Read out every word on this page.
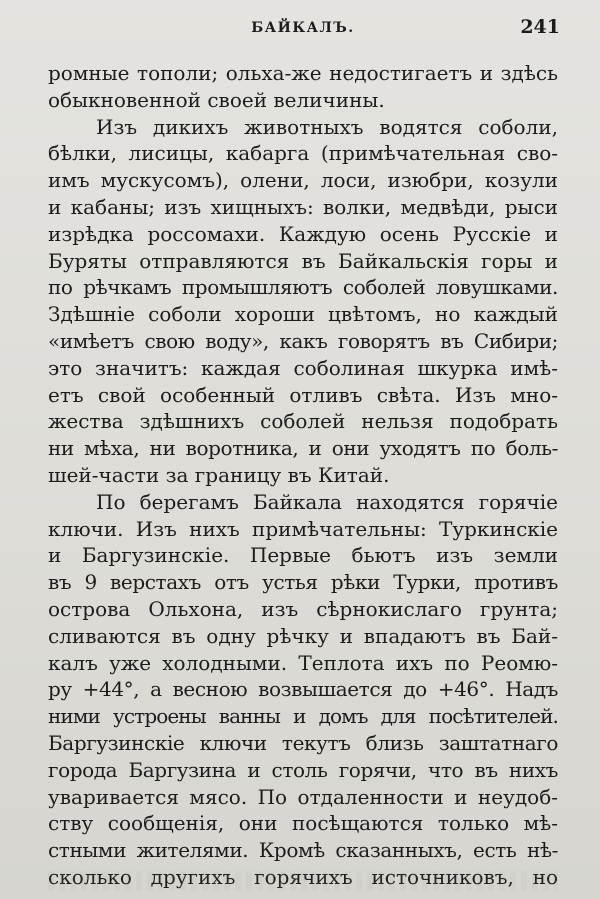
БАЙКАЛЪ.	241
ромные тополи; ольха-же недостигаетъ и здѣсь
обыкновенной своей величины.
Изъ дикихъ животныхъ водятся соболи,
бѣлки, лисицы, кабарга (примѣчательная сво-
имъ мускусомъ), олени, лоси, изюбри, козули
и кабаны; изъ хищныхъ: волки, медвѣди, рыси
изрѣдка россомахи. Каждую осень Русскіе и
Буряты отправляются въ Байкальскія горы и
по рѣчкамъ промышляютъ соболей ловушками.
Здѣшніе соболи хороши цвѣтомъ, но каждый
«имѣетъ свою воду», какъ говорятъ въ Сибири;
это значитъ: каждая соболиная шкурка имѣ-
етъ свой особенный отливъ свѣта. Изъ мно-
жества здѣшнихъ соболей нельзя подобрать
ни мѣха, ни воротника, и они уходятъ по боль-
шей-части за границу въ Китай.
По берегамъ Байкала находятся горячіе
ключи. Изъ нихъ примѣчательны: Туркинскіе
и Баргузинскіе. Первые бьютъ изъ земли
въ 9 верстахъ отъ устья рѣки Турки, противъ
острова Ольхона, изъ сѣрнокислаго грунта;
сливаются въ одну рѣчку и впадаютъ въ Бай-
калъ уже холодными. Теплота ихъ по Реомю-
ру +44°, а весною возвышается до +46°. Надъ
ними устроены ванны и домъ для посѣтителей.
Баргузинскіе ключи текутъ близь заштатнаго
города Баргузина и столь горячи, что въ нихъ
уваривается мясо. По отдаленности и неудоб-
ству сообщенія, они посѣщаются только мѣ-
стными жителями. Кромѣ сказанныхъ, есть нѣ-
сколько другихъ горячихъ источниковъ, но
